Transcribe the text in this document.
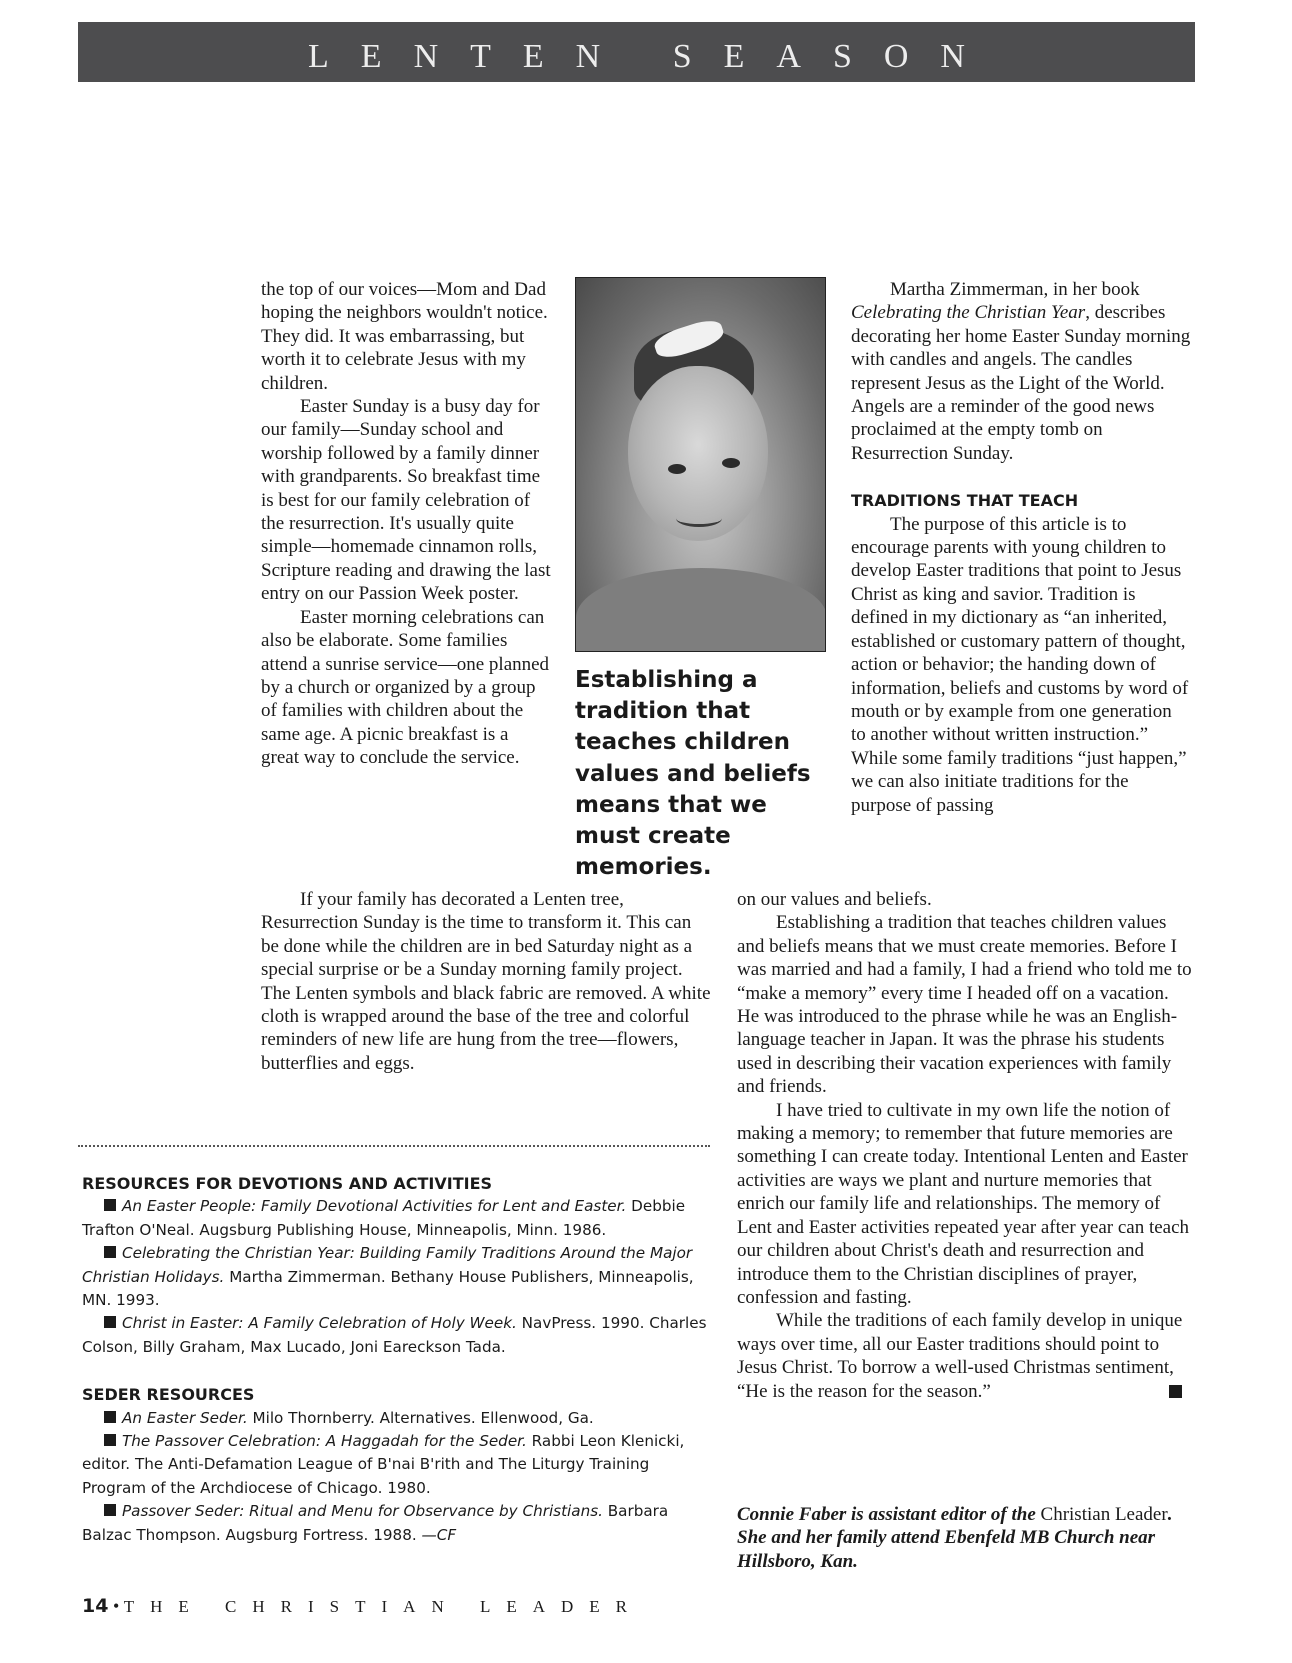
LENTEN SEASON

the top of our voices—Mom and Dad hoping the neighbors wouldn't notice. They did. It was embarrassing, but worth it to celebrate Jesus with my children.

Easter Sunday is a busy day for our family—Sunday school and worship followed by a family dinner with grandparents. So breakfast time is best for our family celebration of the resurrection. It's usually quite simple—homemade cinnamon rolls, Scripture reading and drawing the last entry on our Passion Week poster.

Easter morning celebrations can also be elaborate. Some families attend a sunrise service—one planned by a church or organized by a group of families with children about the same age. A picnic breakfast is a great way to conclude the service.

If your family has decorated a Lenten tree, Resurrection Sunday is the time to transform it. This can be done while the children are in bed Saturday night as a special surprise or be a Sunday morning family project. The Lenten symbols and black fabric are removed. A white cloth is wrapped around the base of the tree and colorful reminders of new life are hung from the tree—flowers, butterflies and eggs.

Establishing a tradition that teaches children values and beliefs means that we must create memories.

Martha Zimmerman, in her book Celebrating the Christian Year, describes decorating her home Easter Sunday morning with candles and angels. The candles represent Jesus as the Light of the World. Angels are a reminder of the good news proclaimed at the empty tomb on Resurrection Sunday.

TRADITIONS THAT TEACH

The purpose of this article is to encourage parents with young children to develop Easter traditions that point to Jesus Christ as king and savior. Tradition is defined in my dictionary as “an inherited, established or customary pattern of thought, action or behavior; the handing down of information, beliefs and customs by word of mouth or by example from one generation to another without written instruction.” While some family traditions “just happen,” we can also initiate traditions for the purpose of passing

on our values and beliefs.

Establishing a tradition that teaches children values and beliefs means that we must create memories. Before I was married and had a family, I had a friend who told me to “make a memory” every time I headed off on a vacation. He was introduced to the phrase while he was an English-language teacher in Japan. It was the phrase his students used in describing their vacation experiences with family and friends.

I have tried to cultivate in my own life the notion of making a memory; to remember that future memories are something I can create today. Intentional Lenten and Easter activities are ways we plant and nurture memories that enrich our family life and relationships. The memory of Lent and Easter activities repeated year after year can teach our children about Christ's death and resurrection and introduce them to the Christian disciplines of prayer, confession and fasting.

While the traditions of each family develop in unique ways over time, all our Easter traditions should point to Jesus Christ. To borrow a well-used Christmas sentiment, “He is the reason for the season.”

Connie Faber is assistant editor of the Christian Leader. She and her family attend Ebenfeld MB Church near Hillsboro, Kan.

RESOURCES FOR DEVOTIONS AND ACTIVITIES

An Easter People: Family Devotional Activities for Lent and Easter. Debbie Trafton O'Neal. Augsburg Publishing House, Minneapolis, Minn. 1986.

Celebrating the Christian Year: Building Family Traditions Around the Major Christian Holidays. Martha Zimmerman. Bethany House Publishers, Minneapolis, MN. 1993.

Christ in Easter: A Family Celebration of Holy Week. NavPress. 1990. Charles Colson, Billy Graham, Max Lucado, Joni Eareckson Tada.

SEDER RESOURCES

An Easter Seder. Milo Thornberry. Alternatives. Ellenwood, Ga.

The Passover Celebration: A Haggadah for the Seder. Rabbi Leon Klenicki, editor. The Anti-Defamation League of B'nai B'rith and The Liturgy Training Program of the Archdiocese of Chicago. 1980.

Passover Seder: Ritual and Menu for Observance by Christians. Barbara Balzac Thompson. Augsburg Fortress. 1988. —CF

14 • THE CHRISTIAN LEADER
